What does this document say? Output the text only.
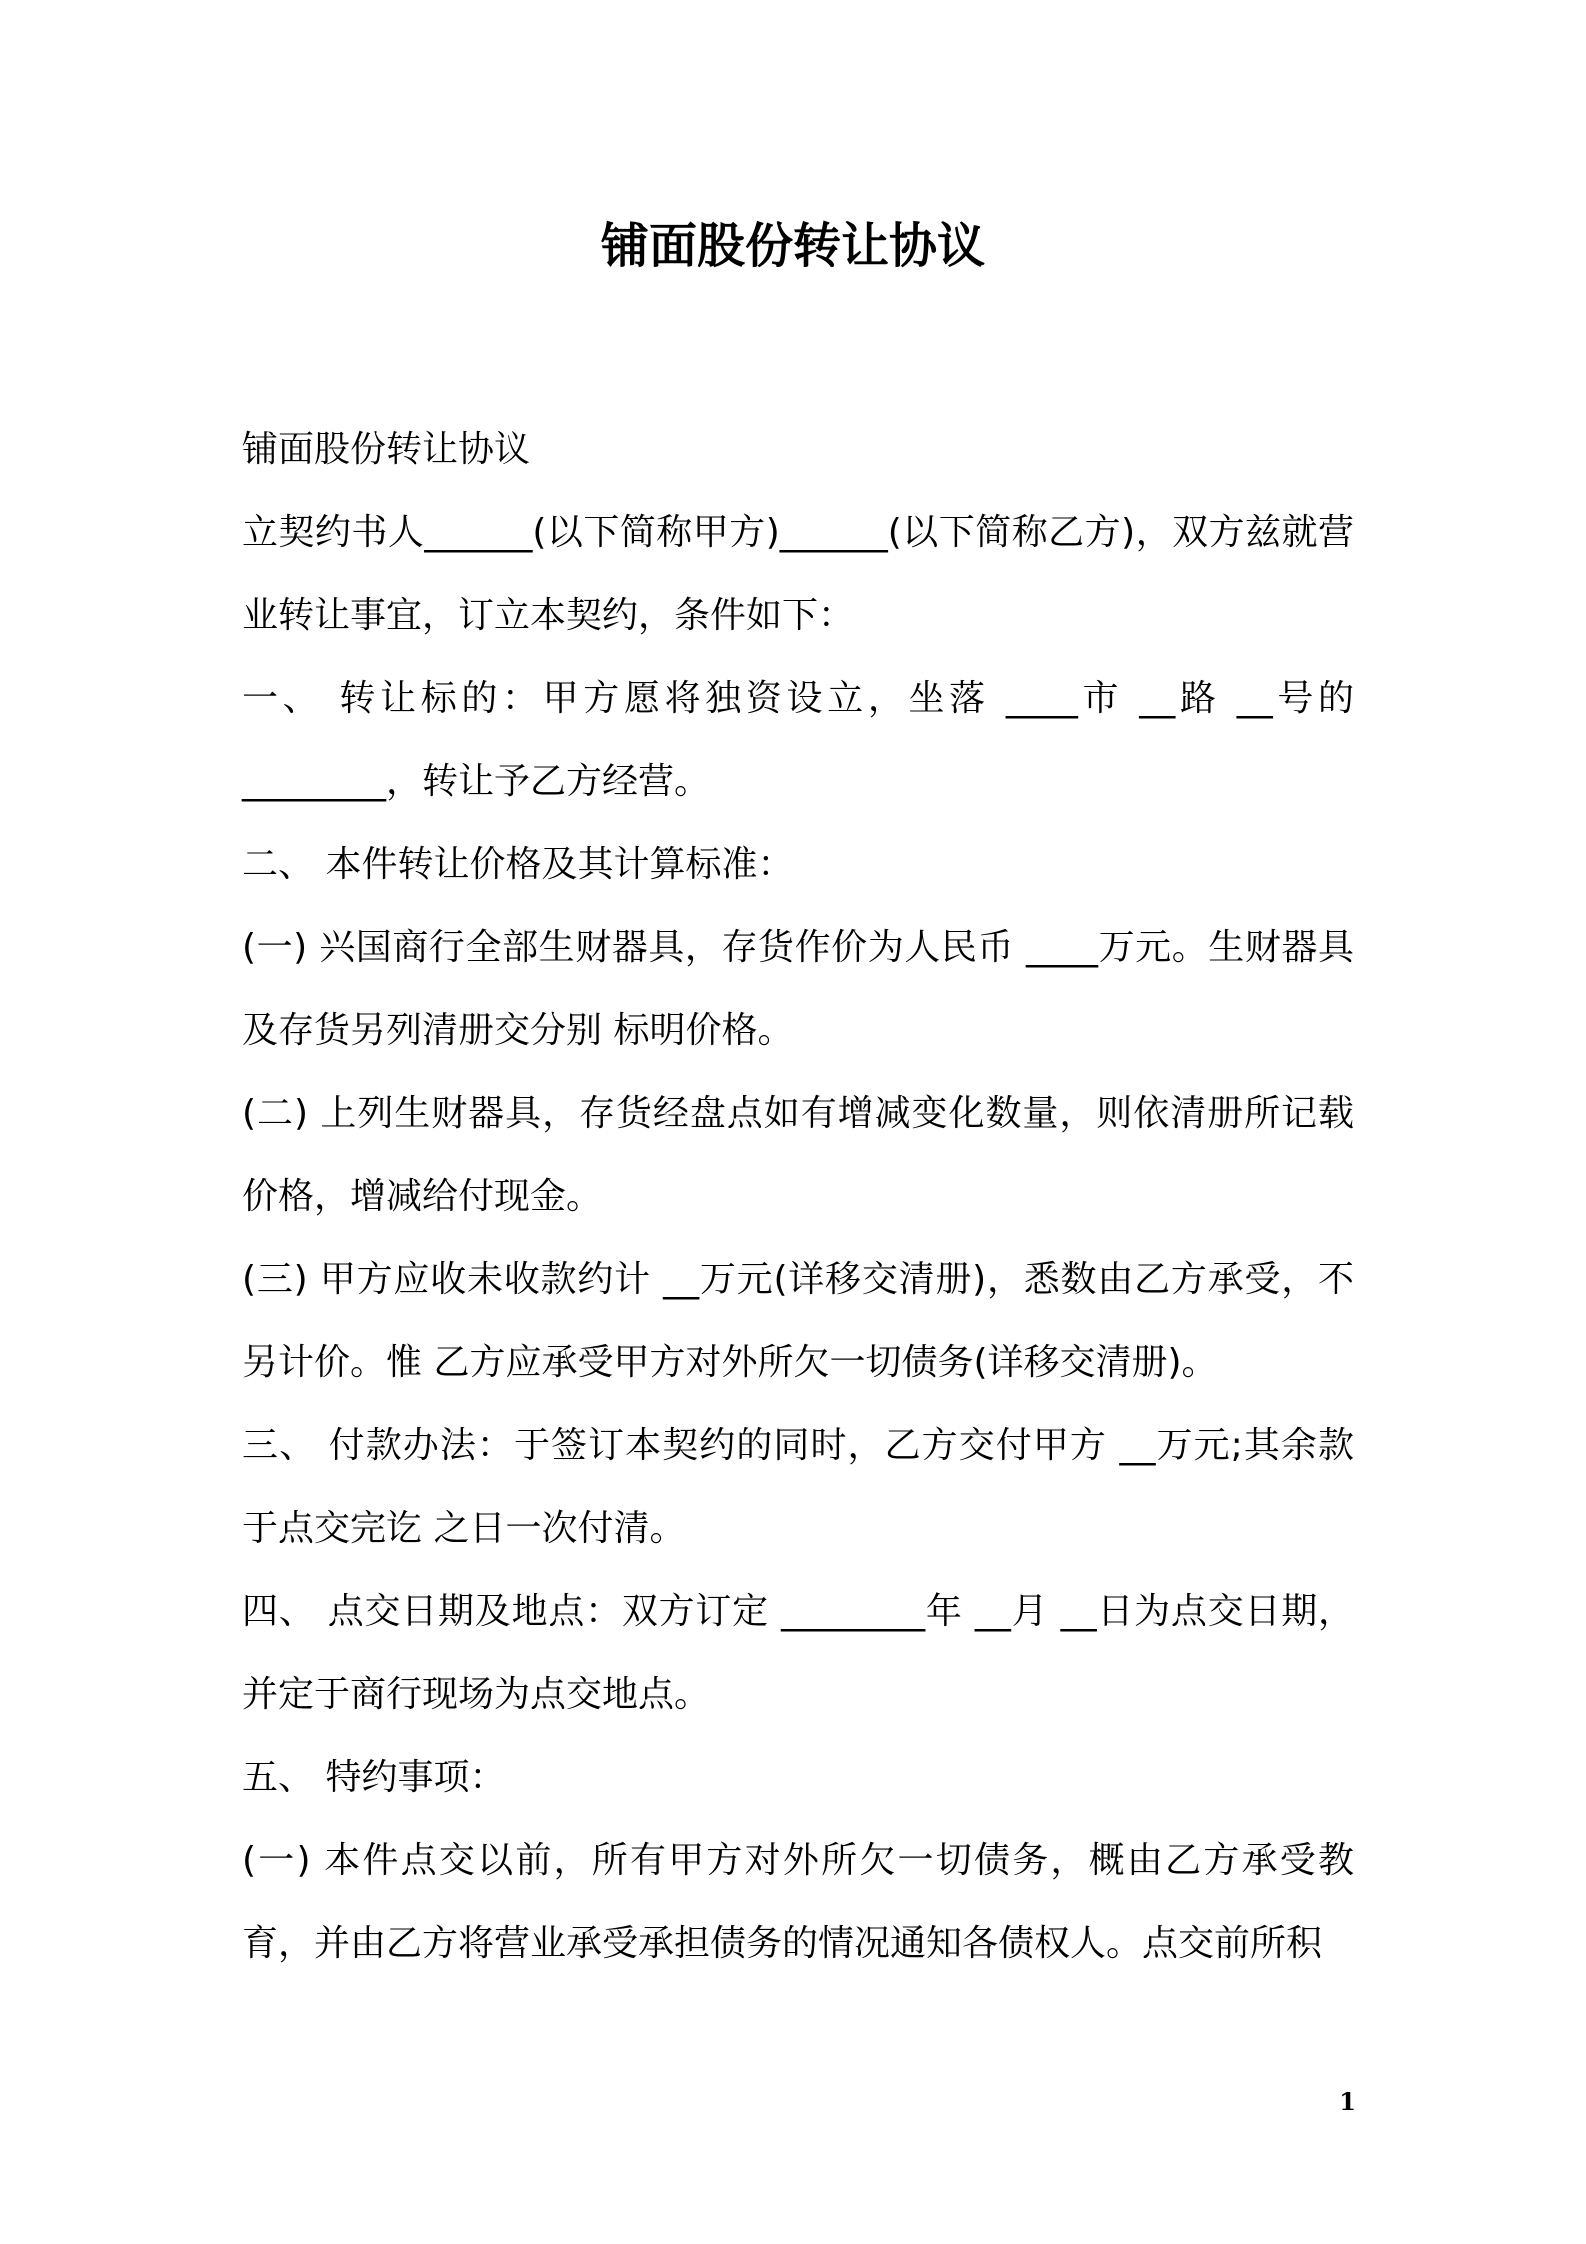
铺面股份转让协议

铺面股份转让协议

立契约书人______(以下简称甲方)______(以下简称乙方)，双方兹就营业转让事宜，订立本契约，条件如下：

一、 转让标的：甲方愿将独资设立，坐落 ____市 __路 __号的________，转让予乙方经营。

二、 本件转让价格及其计算标准：

(一) 兴国商行全部生财器具，存货作价为人民币 ____万元。生财器具及存货另列清册交分别 标明价格。

(二) 上列生财器具，存货经盘点如有增减变化数量，则依清册所记载价格，增减给付现金。

(三) 甲方应收未收款约计 __万元(详移交清册)，悉数由乙方承受，不 另计价。惟 乙方应承受甲方对外所欠一切债务(详移交清册)。

三、 付款办法：于签订本契约的同时，乙方交付甲方 __万元;其余款于点交完讫 之日一次付清。

四、 点交日期及地点：双方订定 ________年 __月 __日为点交日期，并定于商行现场为点交地点。

五、 特约事项：

(一) 本件点交以前，所有甲方对外所欠一切债务，概由乙方承受教育，并由乙方将营业承受承担债务的情况通知各债权人。点交前所积

1
